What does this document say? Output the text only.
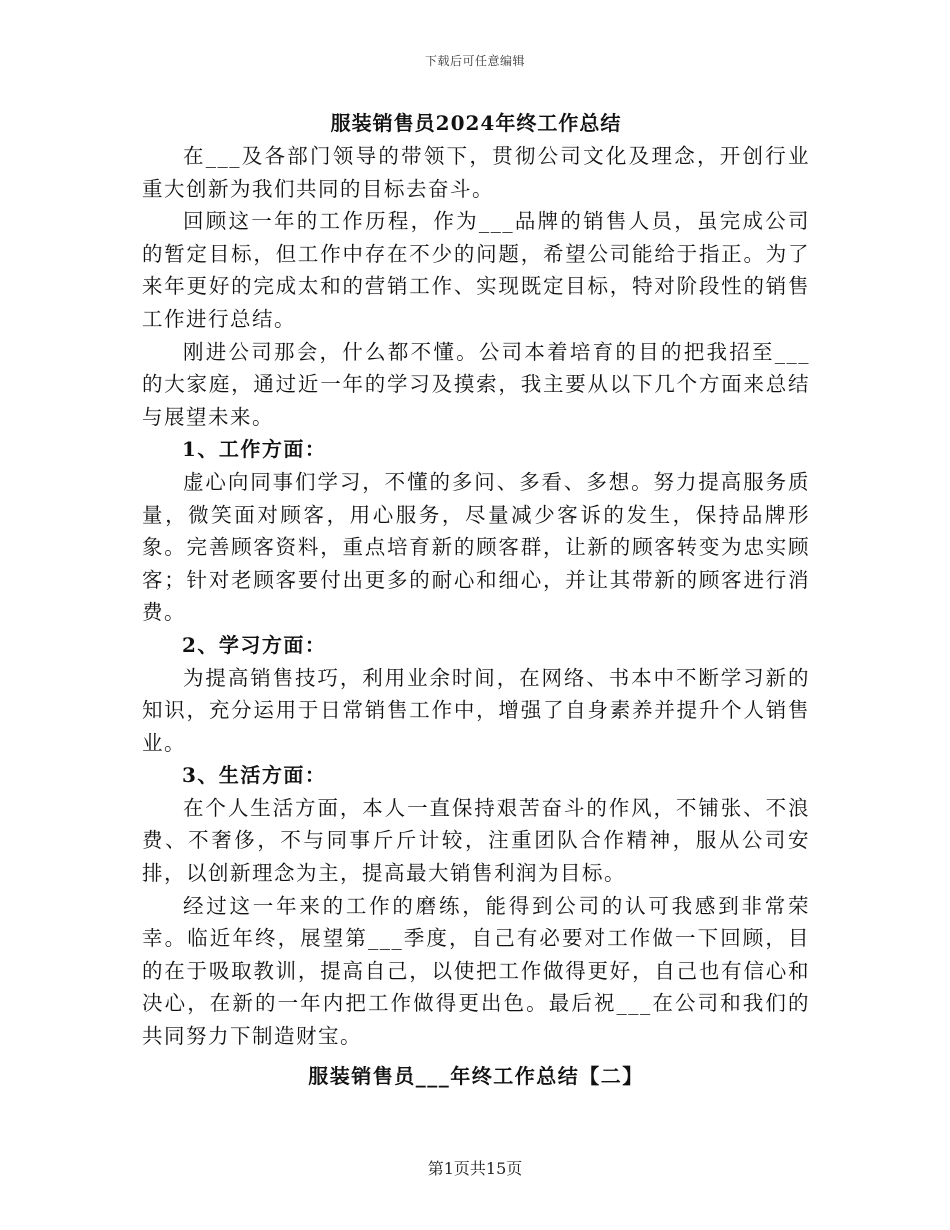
下载后可任意编辑
服装销售员2024年终工作总结

在___及各部门领导的带领下，贯彻公司文化及理念，开创行业重大创新为我们共同的目标去奋斗。

回顾这一年的工作历程，作为___品牌的销售人员，虽完成公司的暂定目标，但工作中存在不少的问题，希望公司能给于指正。为了来年更好的完成太和的营销工作、实现既定目标，特对阶段性的销售工作进行总结。

刚进公司那会，什么都不懂。公司本着培育的目的把我招至___的大家庭，通过近一年的学习及摸索，我主要从以下几个方面来总结与展望未来。

1、工作方面：

虚心向同事们学习，不懂的多问、多看、多想。努力提高服务质量，微笑面对顾客，用心服务，尽量减少客诉的发生，保持品牌形象。完善顾客资料，重点培育新的顾客群，让新的顾客转变为忠实顾客；针对老顾客要付出更多的耐心和细心，并让其带新的顾客进行消费。

2、学习方面：

为提高销售技巧，利用业余时间，在网络、书本中不断学习新的知识，充分运用于日常销售工作中，增强了自身素养并提升个人销售业。

3、生活方面：

在个人生活方面，本人一直保持艰苦奋斗的作风，不铺张、不浪费、不奢侈，不与同事斤斤计较，注重团队合作精神，服从公司安排，以创新理念为主，提高最大销售利润为目标。

经过这一年来的工作的磨练，能得到公司的认可我感到非常荣幸。临近年终，展望第___季度，自己有必要对工作做一下回顾，目的在于吸取教训，提高自己，以使把工作做得更好，自己也有信心和决心，在新的一年内把工作做得更出色。最后祝___在公司和我们的共同努力下制造财宝。

服装销售员___年终工作总结【二】
第1页共15页
